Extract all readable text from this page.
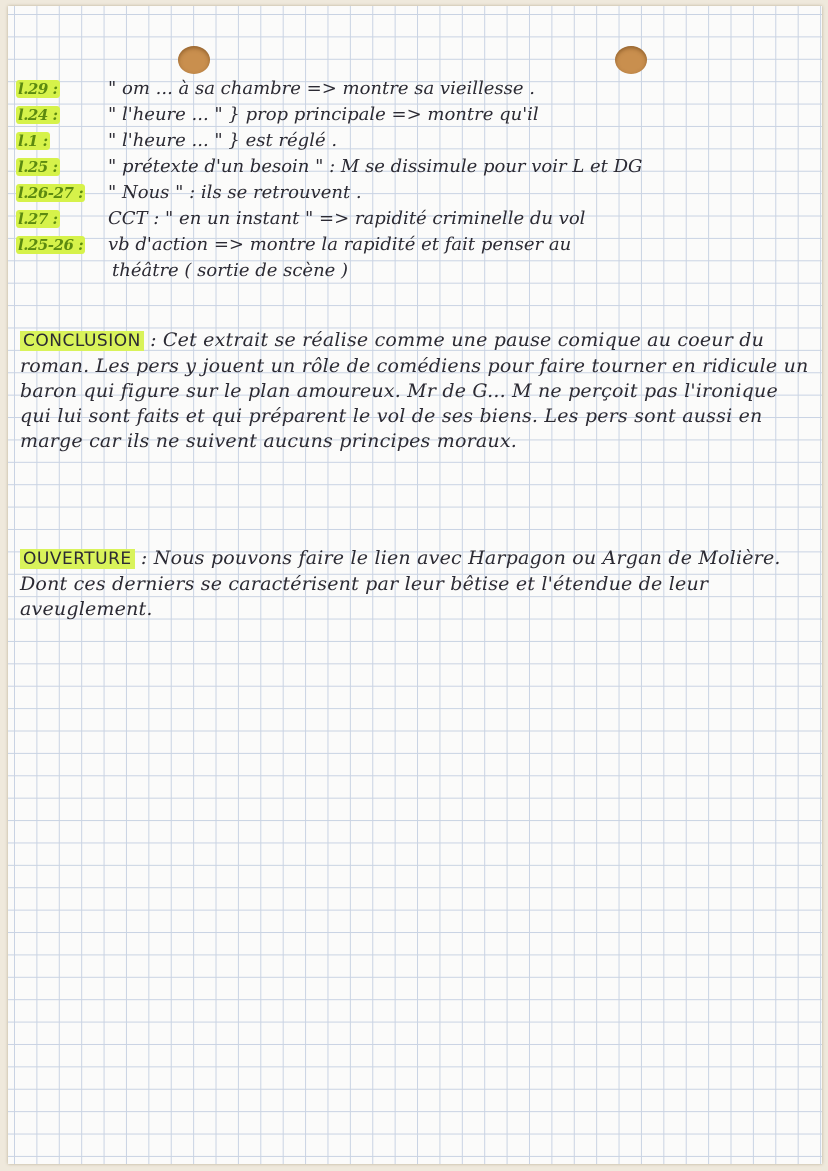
l.29 :	" om ... à sa chambre => montre sa vieillesse .
l.24 :	" l'heure ... " } prop principale => montre qu'il
l.1 :	" l'heure ... " } est réglé .
l.25 :	" prétexte d'un besoin " : M se dissimule pour voir L et DG
l.26-27 : " Nous " : ils se retrouvent .
l.27 :	CCT : " en un instant " => rapidité criminelle du vol
l.25-26 : vb d'action => montre la rapidité et fait penser au
théâtre ( sortie de scène )
CONCLUSION : Cet extrait se réalise comme une pause comique au coeur du roman. Les pers y jouent un rôle de comédiens pour faire tourner en ridicule un baron qui figure sur le plan amoureux. Mr de G... M ne perçoit pas l'ironique qui lui sont faits et qui préparent le vol de ses biens. Les pers sont aussi en marge car ils ne suivent aucuns principes moraux.
OUVERTURE : Nous pouvons faire le lien avec Harpagon ou Argan de Molière. Dont ces derniers se caractérisent par leur bêtise et l'étendue de leur aveuglement.
